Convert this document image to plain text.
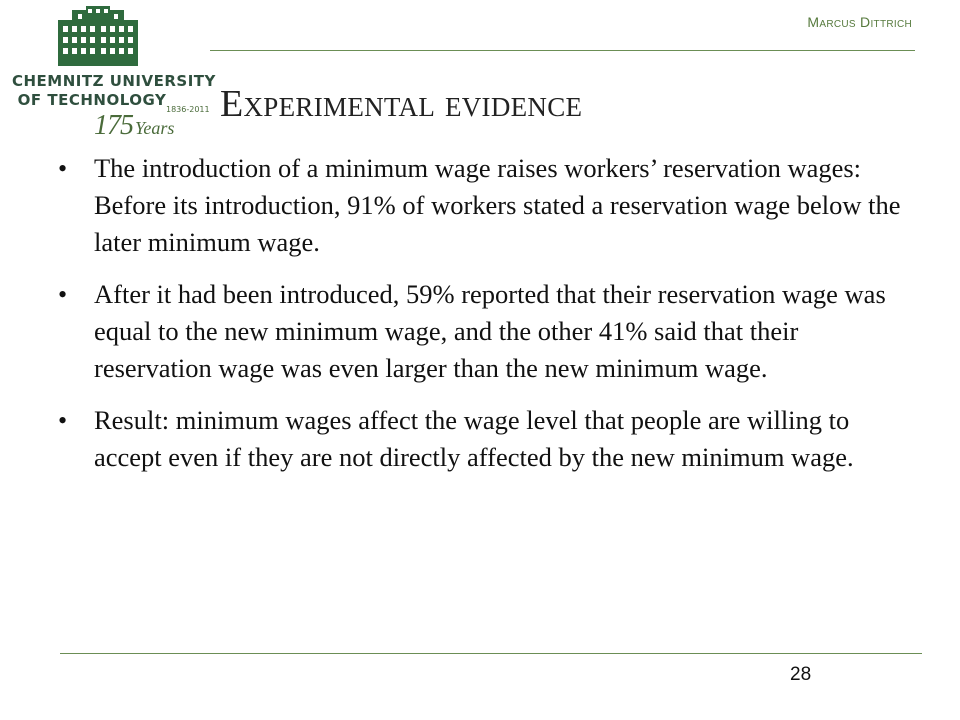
CHEMNITZ UNIVERSITY
OF TECHNOLOGY
175 Years
1836-2011
Marcus Dittrich
Experimental evidence
• The introduction of a minimum wage raises workers’ reservation wages: Before its introduction, 91% of workers stated a reservation wage below the later minimum wage.
• After it had been introduced, 59% reported that their reservation wage was equal to the new minimum wage, and the other 41% said that their reservation wage was even larger than the new minimum wage.
• Result: minimum wages affect the wage level that people are willing to accept even if they are not directly affected by the new minimum wage.
28
